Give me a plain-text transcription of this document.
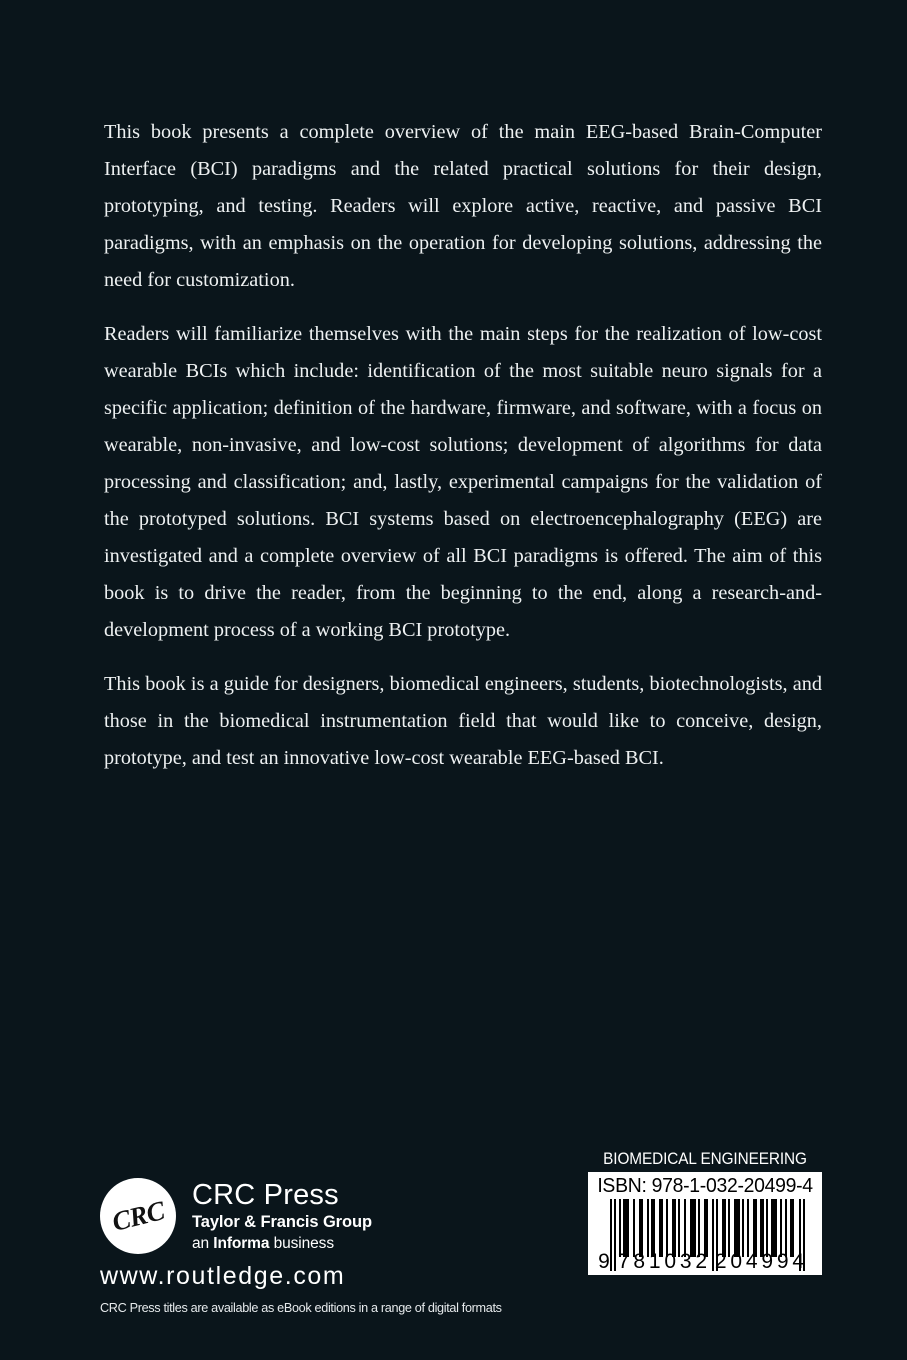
This book presents a complete overview of the main EEG-based Brain-Computer Interface (BCI) paradigms and the related practical solutions for their design, prototyping, and testing. Readers will explore active, reactive, and passive BCI paradigms, with an emphasis on the operation for developing solutions, addressing the need for customization.

Readers will familiarize themselves with the main steps for the realization of low-cost wearable BCIs which include: identification of the most suitable neuro signals for a specific application; definition of the hardware, firmware, and software, with a focus on wearable, non-invasive, and low-cost solutions; development of algorithms for data processing and classification; and, lastly, experimental campaigns for the validation of the prototyped solutions. BCI systems based on electroencephalography (EEG) are investigated and a complete overview of all BCI paradigms is offered. The aim of this book is to drive the reader, from the beginning to the end, along a research-and-development process of a working BCI prototype.

This book is a guide for designers, biomedical engineers, students, biotechnologists, and those in the biomedical instrumentation field that would like to conceive, design, prototype, and test an innovative low-cost wearable EEG-based BCI.

CRC CRC Press
Taylor & Francis Group
an Informa business
www.routledge.com
CRC Press titles are available as eBook editions in a range of digital formats
BIOMEDICAL ENGINEERING
ISBN: 978-1-032-20499-4
9 7 8 1 0 3 2 2 0 4 9 9 4
